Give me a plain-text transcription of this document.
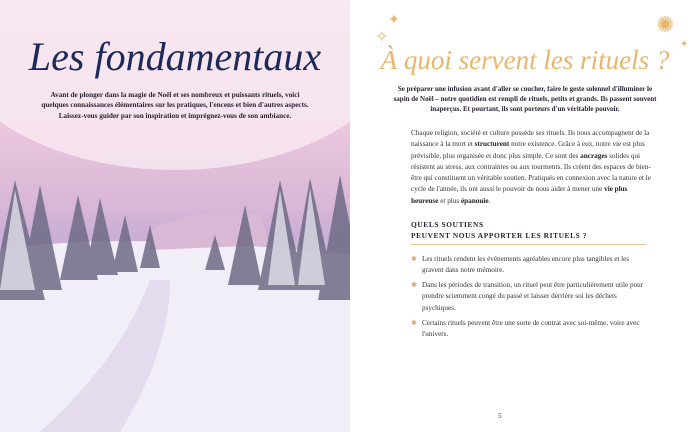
Les fondamentaux
Avant de plonger dans la magie de Noël et ses nombreux et puissants rituels, voici quelques connaissances élémentaires sur les pratiques, l'encens et bien d'autres aspects. Laissez-vous guider par son inspiration et imprégnez-vous de son ambiance.
✦
✧
✺
✦
À quoi servent les rituels ?
Se préparer une infusion avant d'aller se coucher, faire le geste solennel d'illuminer le sapin de Noël – notre quotidien est rempli de rituels, petits et grands. Ils passent souvent inaperçus. Et pourtant, ils sont porteurs d'un véritable pouvoir.
Chaque religion, société et culture possède ses rituels. Ils nous accompagnent de la naissance à la mort et structurent notre existence. Grâce à eux, notre vie est plus prévisible, plus organisée et donc plus simple. Ce sont des ancrages solides qui résistent au stress, aux contraintes ou aux tourments. Ils créent des espaces de bien-être qui constituent un véritable soutien. Pratiqués en connexion avec la nature et le cycle de l'année, ils ont aussi le pouvoir de nous aider à mener une vie plus heureuse et plus épanouie.
QUELS SOUTIENS
PEUVENT NOUS APPORTER LES RITUELS ?
✱ Les rituels rendent les événements agréables encore plus tangibles et les gravent dans notre mémoire.
✱ Dans les périodes de transition, un rituel peut être particulièrement utile pour prendre sciemment congé du passé et laisser derrière soi les déchets psychiques.
✱ Certains rituels peuvent être une sorte de contrat avec soi-même, voire avec l'univers.
5
